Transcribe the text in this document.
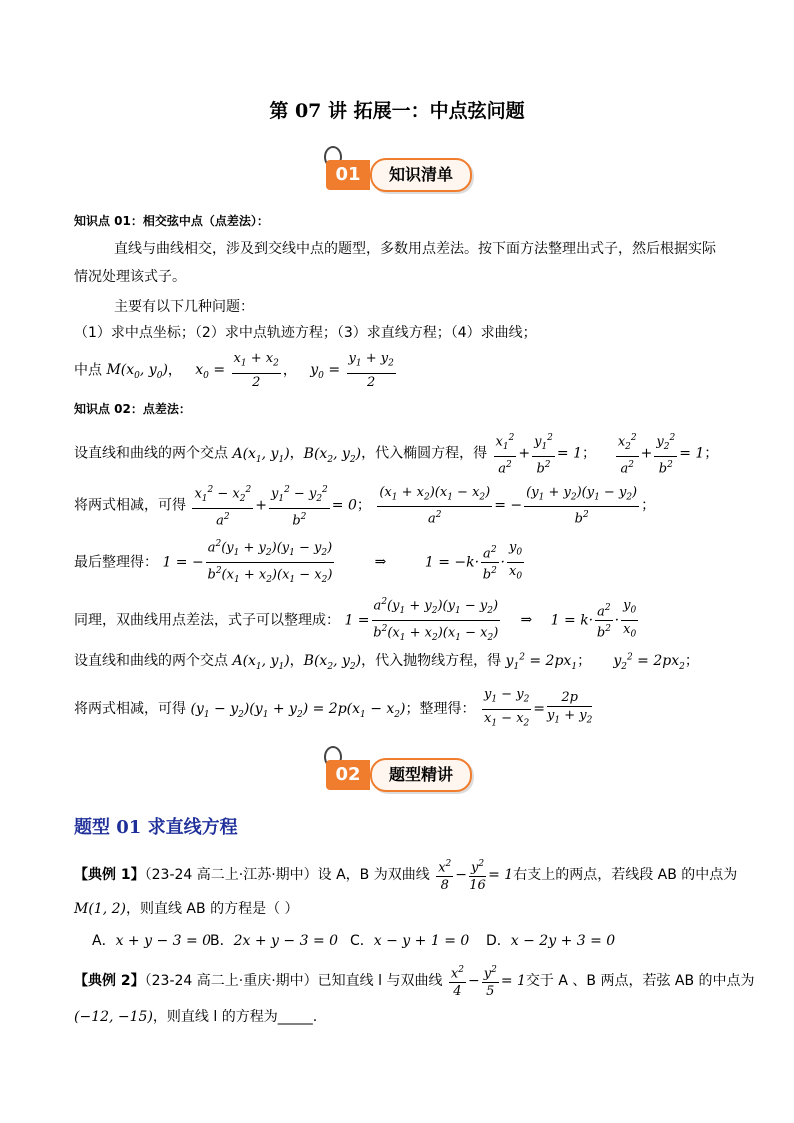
第 07 讲 拓展一：中点弦问题
01	知识清单
知识点 01：相交弦中点（点差法）：
直线与曲线相交，涉及到交线中点的题型，多数用点差法。按下面方法整理出式子，然后根据实际
情况处理该式子。
主要有以下几种问题：
（1）求中点坐标；（2）求中点轨迹方程；（3）求直线方程；（4）求曲线；
中点 $M(x_0$, $y_0$)，   $x_0 = \frac{x_1 + x_2}{2}$ ，   $y_0 = \frac{y_1 + y_2}{2}$
知识点 02：点差法：
设直线和曲线的两个交点 $A(x_1$, $y_1$)，$B(x_2$, $y_2$)，代入椭圆方程，得 $\frac{x_1^2}{a^2} + \frac{y_1^2}{b^2} = 1$； $\frac{x_2^2}{a^2} + \frac{y_2^2}{b^2} = 1$；
将两式相减，可得 $\frac{x_1^2 - x_2^2}{a^2} + \frac{y_1^2 - y_2^2}{b^2} = 0$； $\frac{(x_1 + x_2)(x_1 - x_2)}{a^2}$ = − $\frac{(y_1 + y_2)(y_1 - y_2)}{b^2}$ ；
最后整理得： 1 = − $\frac{a^2(y_1 + y_2)(y_1 - y_2)}{b^2(x_1 + x_2)(x_1 - x_2)}$	⇒	$1 = -k\cdot \frac{a^2}{b^2} \cdot \frac{y_0}{x_0}$
同理，双曲线用点差法，式子可以整理成： $1 = \frac{a^2(y_1 + y_2)(y_1 - y_2)}{b^2(x_1 + x_2)(x_1 - x_2)}$ ⇒ $1 = k\cdot \frac{a^2}{b^2} \cdot \frac{y_0}{x_0}$
设直线和曲线的两个交点 $A(x_1$, $y_1$)，$B(x_2$, $y_2$)，代入抛物线方程，得 $y_1^2 = 2px_1$；     $y_2^2 = 2px_2$；
将两式相减，可得 $(y_1 - y_2)(y_1 + y_2) = 2p(x_1 - x_2)$；整理得： $\frac{y_1 - y_2}{x_1 - x_2} = \frac{2p}{y_1 + y_2}$
02	题型精讲
题型 01 求直线方程
【典例 1】（23-24 高二上·江苏·期中）设 A，B 为双曲线 $\frac{x^2}{8} - \frac{y^2}{16} = 1$右支上的两点，若线段 AB 的中点为
M(1, 2)，则直线 AB 的方程是（ ）
A．x + y − 3 = 0
B．2x + y − 3 = 0 C．x − y + 1 = 0 D．x − 2y + 3 = 0
【典例 2】（23-24 高二上·重庆·期中）已知直线 l 与双曲线 $\frac{x^2}{4} - \frac{y^2}{5} = 1$交于 A 、B 两点，若弦 AB 的中点为
(−12, −15)，则直线 l 的方程为_____.
